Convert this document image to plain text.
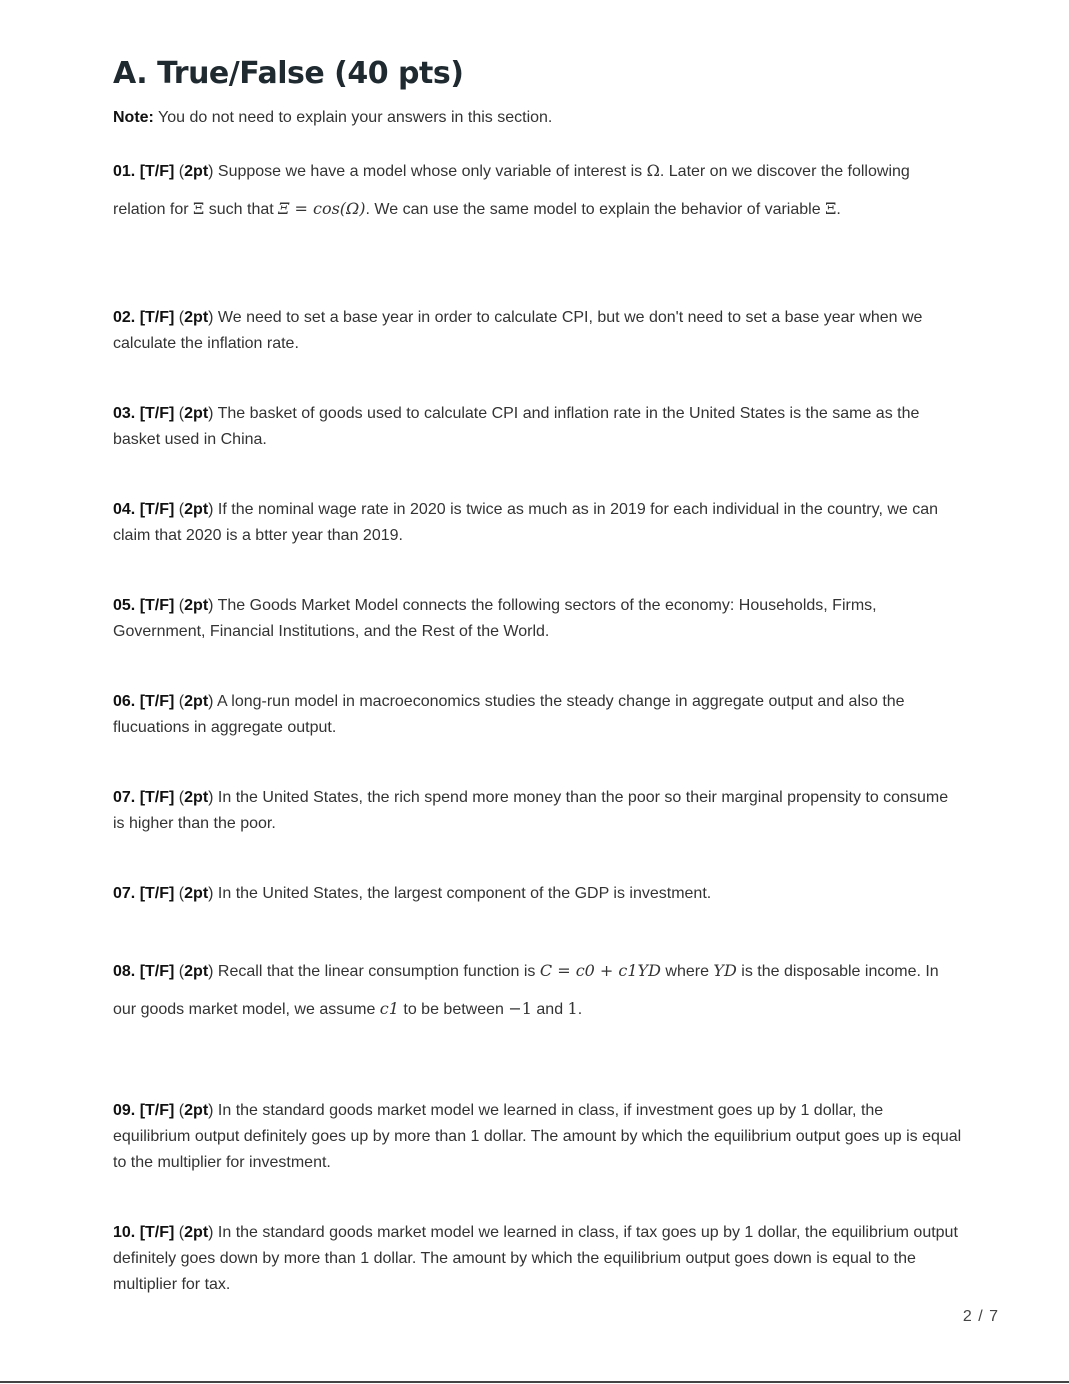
A. True/False (40 pts)

Note: You do not need to explain your answers in this section.

01. [T/F] (2pt) Suppose we have a model whose only variable of interest is Ω. Later on we discover the following relation for Ξ such that Ξ = cos(Ω). We can use the same model to explain the behavior of variable Ξ.

02. [T/F] (2pt) We need to set a base year in order to calculate CPI, but we don't need to set a base year when we calculate the inflation rate.

03. [T/F] (2pt) The basket of goods used to calculate CPI and inflation rate in the United States is the same as the basket used in China.

04. [T/F] (2pt) If the nominal wage rate in 2020 is twice as much as in 2019 for each individual in the country, we can claim that 2020 is a btter year than 2019.

05. [T/F] (2pt) The Goods Market Model connects the following sectors of the economy: Households, Firms, Government, Financial Institutions, and the Rest of the World.

06. [T/F] (2pt) A long-run model in macroeconomics studies the steady change in aggregate output and also the flucuations in aggregate output.

07. [T/F] (2pt) In the United States, the rich spend more money than the poor so their marginal propensity to consume is higher than the poor.

07. [T/F] (2pt) In the United States, the largest component of the GDP is investment.

08. [T/F] (2pt) Recall that the linear consumption function is C = c0 + c1YD where YD is the disposable income. In our goods market model, we assume c1 to be between −1 and 1.

09. [T/F] (2pt) In the standard goods market model we learned in class, if investment goes up by 1 dollar, the equilibrium output definitely goes up by more than 1 dollar. The amount by which the equilibrium output goes up is equal to the multiplier for investment.

10. [T/F] (2pt) In the standard goods market model we learned in class, if tax goes up by 1 dollar, the equilibrium output definitely goes down by more than 1 dollar. The amount by which the equilibrium output goes down is equal to the multiplier for tax.

2 / 7
